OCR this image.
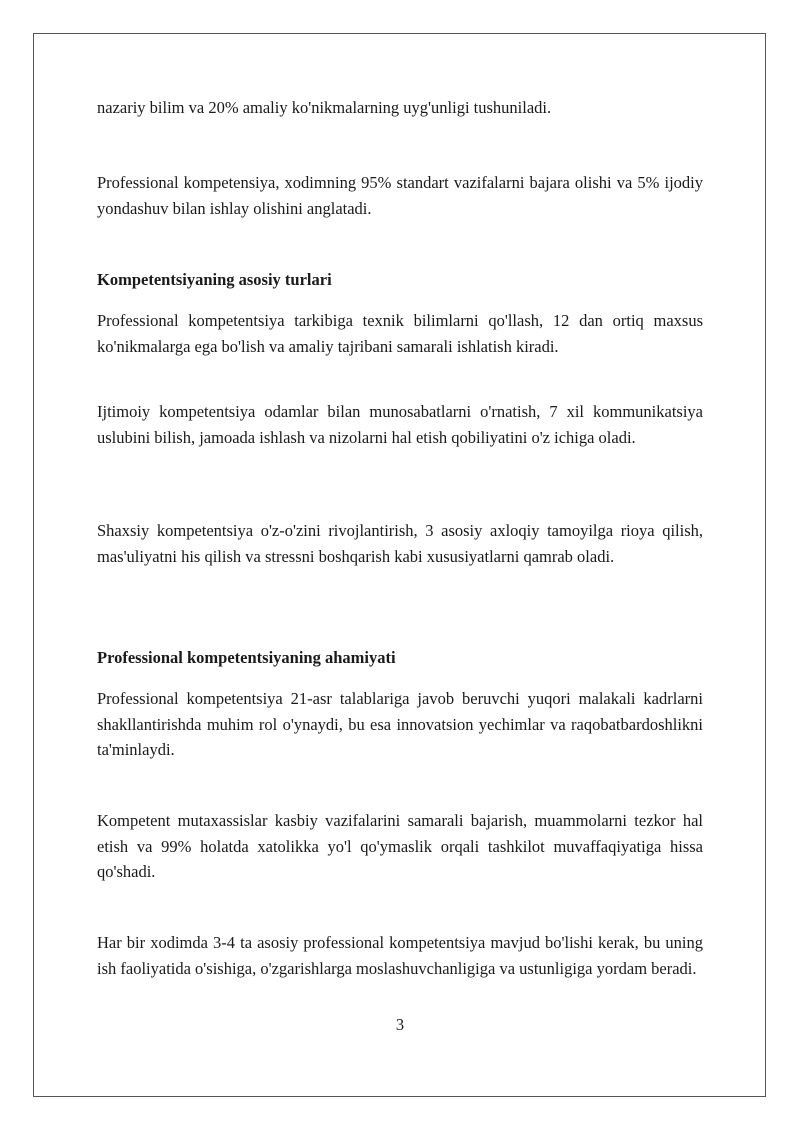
nazariy bilim va 20% amaliy ko'nikmalarning uyg'unligi tushuniladi.

Professional kompetensiya, xodimning 95% standart vazifalarni bajara olishi va 5% ijodiy yondashuv bilan ishlay olishini anglatadi.

Kompetentsiyaning asosiy turlari

Professional kompetentsiya tarkibiga texnik bilimlarni qo'llash, 12 dan ortiq maxsus ko'nikmalarga ega bo'lish va amaliy tajribani samarali ishlatish kiradi.

Ijtimoiy kompetentsiya odamlar bilan munosabatlarni o'rnatish, 7 xil kommunikatsiya uslubini bilish, jamoada ishlash va nizolarni hal etish qobiliyatini o'z ichiga oladi.

Shaxsiy kompetentsiya o'z-o'zini rivojlantirish, 3 asosiy axloqiy tamoyilga rioya qilish, mas'uliyatni his qilish va stressni boshqarish kabi xususiyatlarni qamrab oladi.

Professional kompetentsiyaning ahamiyati

Professional kompetentsiya 21-asr talablariga javob beruvchi yuqori malakali kadrlarni shakllantirishda muhim rol o'ynaydi, bu esa innovatsion yechimlar va raqobatbardoshlikni ta'minlaydi.

Kompetent mutaxassislar kasbiy vazifalarini samarali bajarish, muammolarni tezkor hal etish va 99% holatda xatolikka yo'l qo'ymaslik orqali tashkilot muvaffaqiyatiga hissa qo'shadi.

Har bir xodimda 3-4 ta asosiy professional kompetentsiya mavjud bo'lishi kerak, bu uning ish faoliyatida o'sishiga, o'zgarishlarga moslashuvchanligiga va ustunligiga yordam beradi.

3
